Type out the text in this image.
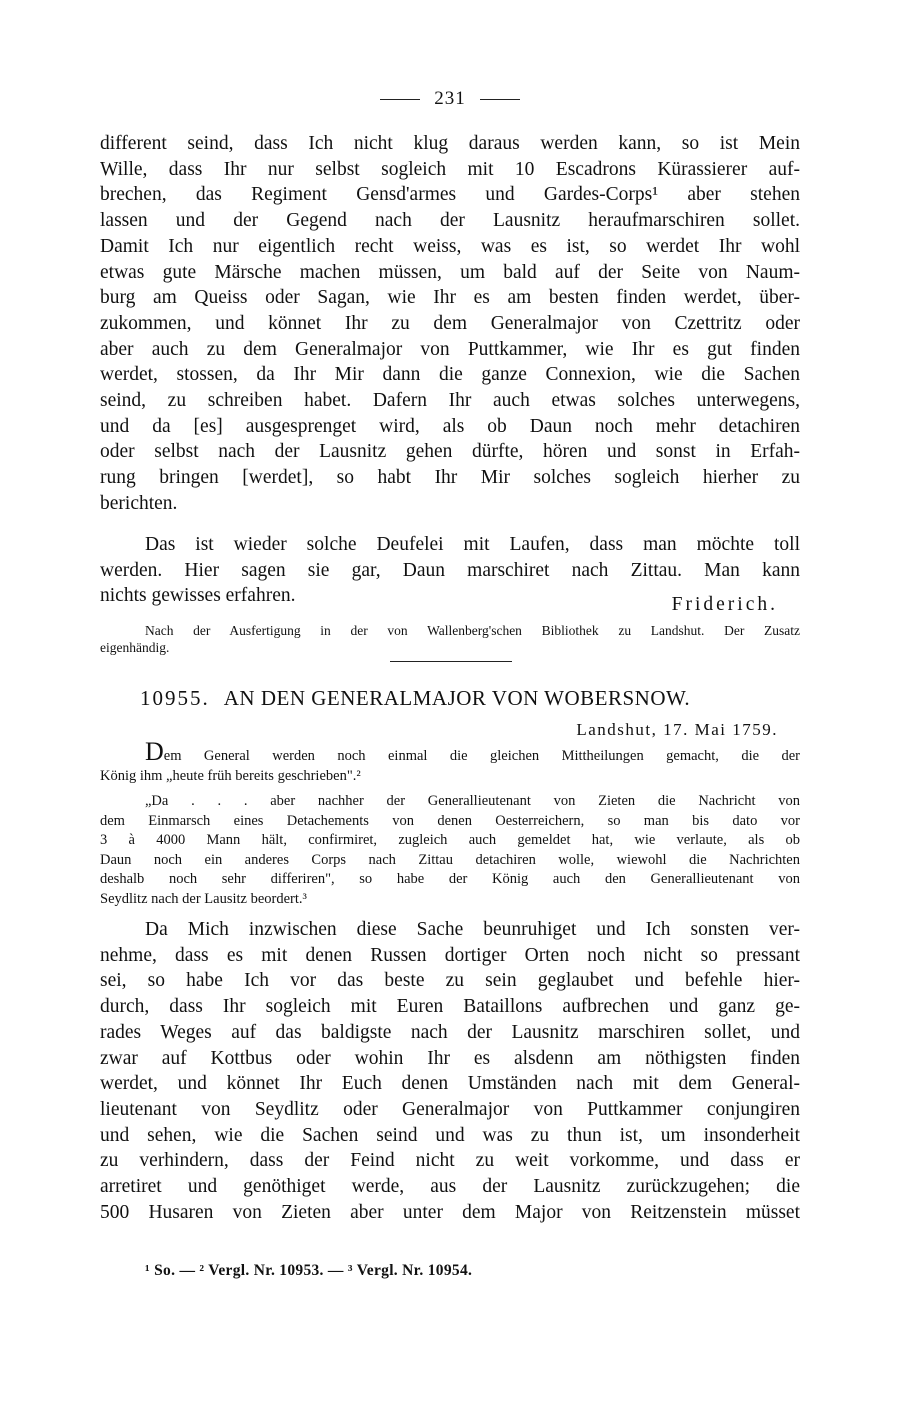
231
different seind, dass Ich nicht klug daraus werden kann, so ist Mein
Wille, dass Ihr nur selbst sogleich mit 10 Escadrons Kürassierer auf-
brechen, das Regiment Gensd'armes und Gardes-Corps¹ aber stehen
lassen und der Gegend nach der Lausnitz heraufmarschiren sollet.
Damit Ich nur eigentlich recht weiss, was es ist, so werdet Ihr wohl
etwas gute Märsche machen müssen, um bald auf der Seite von Naum-
burg am Queiss oder Sagan, wie Ihr es am besten finden werdet, über-
zukommen, und könnet Ihr zu dem Generalmajor von Czettritz oder
aber auch zu dem Generalmajor von Puttkammer, wie Ihr es gut finden
werdet, stossen, da Ihr Mir dann die ganze Connexion, wie die Sachen
seind, zu schreiben habet. Dafern Ihr auch etwas solches unterwegens,
und da [es] ausgesprenget wird, als ob Daun noch mehr detachiren
oder selbst nach der Lausnitz gehen dürfte, hören und sonst in Erfah-
rung bringen [werdet], so habt Ihr Mir solches sogleich hierher zu
berichten.
Das ist wieder solche Deufelei mit Laufen, dass man möchte toll
werden. Hier sagen sie gar, Daun marschiret nach Zittau. Man kann
nichts gewisses erfahren.	Friderich.
Nach der Ausfertigung in der von Wallenberg'schen Bibliothek zu Landshut. Der Zusatz
eigenhändig.
10955. AN DEN GENERALMAJOR VON WOBERSNOW.
Landshut, 17. Mai 1759.
Dem General werden noch einmal die gleichen Mittheilungen gemacht, die der
König ihm „heute früh bereits geschrieben".²
„Da . . . aber nachher der Generallieutenant von Zieten die Nachricht von
dem Einmarsch eines Detachements von denen Oesterreichern, so man bis dato vor
3 à 4000 Mann hält, confirmiret, zugleich auch gemeldet hat, wie verlaute, als ob
Daun noch ein anderes Corps nach Zittau detachiren wolle, wiewohl die Nachrichten
deshalb noch sehr differiren", so habe der König auch den Generallieutenant von
Seydlitz nach der Lausitz beordert.³
Da Mich inzwischen diese Sache beunruhiget und Ich sonsten ver-
nehme, dass es mit denen Russen dortiger Orten noch nicht so pressant
sei, so habe Ich vor das beste zu sein geglaubet und befehle hier-
durch, dass Ihr sogleich mit Euren Bataillons aufbrechen und ganz ge-
rades Weges auf das baldigste nach der Lausnitz marschiren sollet, und
zwar auf Kottbus oder wohin Ihr es alsdenn am nöthigsten finden
werdet, und könnet Ihr Euch denen Umständen nach mit dem General-
lieutenant von Seydlitz oder Generalmajor von Puttkammer conjungiren
und sehen, wie die Sachen seind und was zu thun ist, um insonderheit
zu verhindern, dass der Feind nicht zu weit vorkomme, und dass er
arretiret und genöthiget werde, aus der Lausnitz zurückzugehen; die
500 Husaren von Zieten aber unter dem Major von Reitzenstein müsset
¹ So. — ² Vergl. Nr. 10953. — ³ Vergl. Nr. 10954.
